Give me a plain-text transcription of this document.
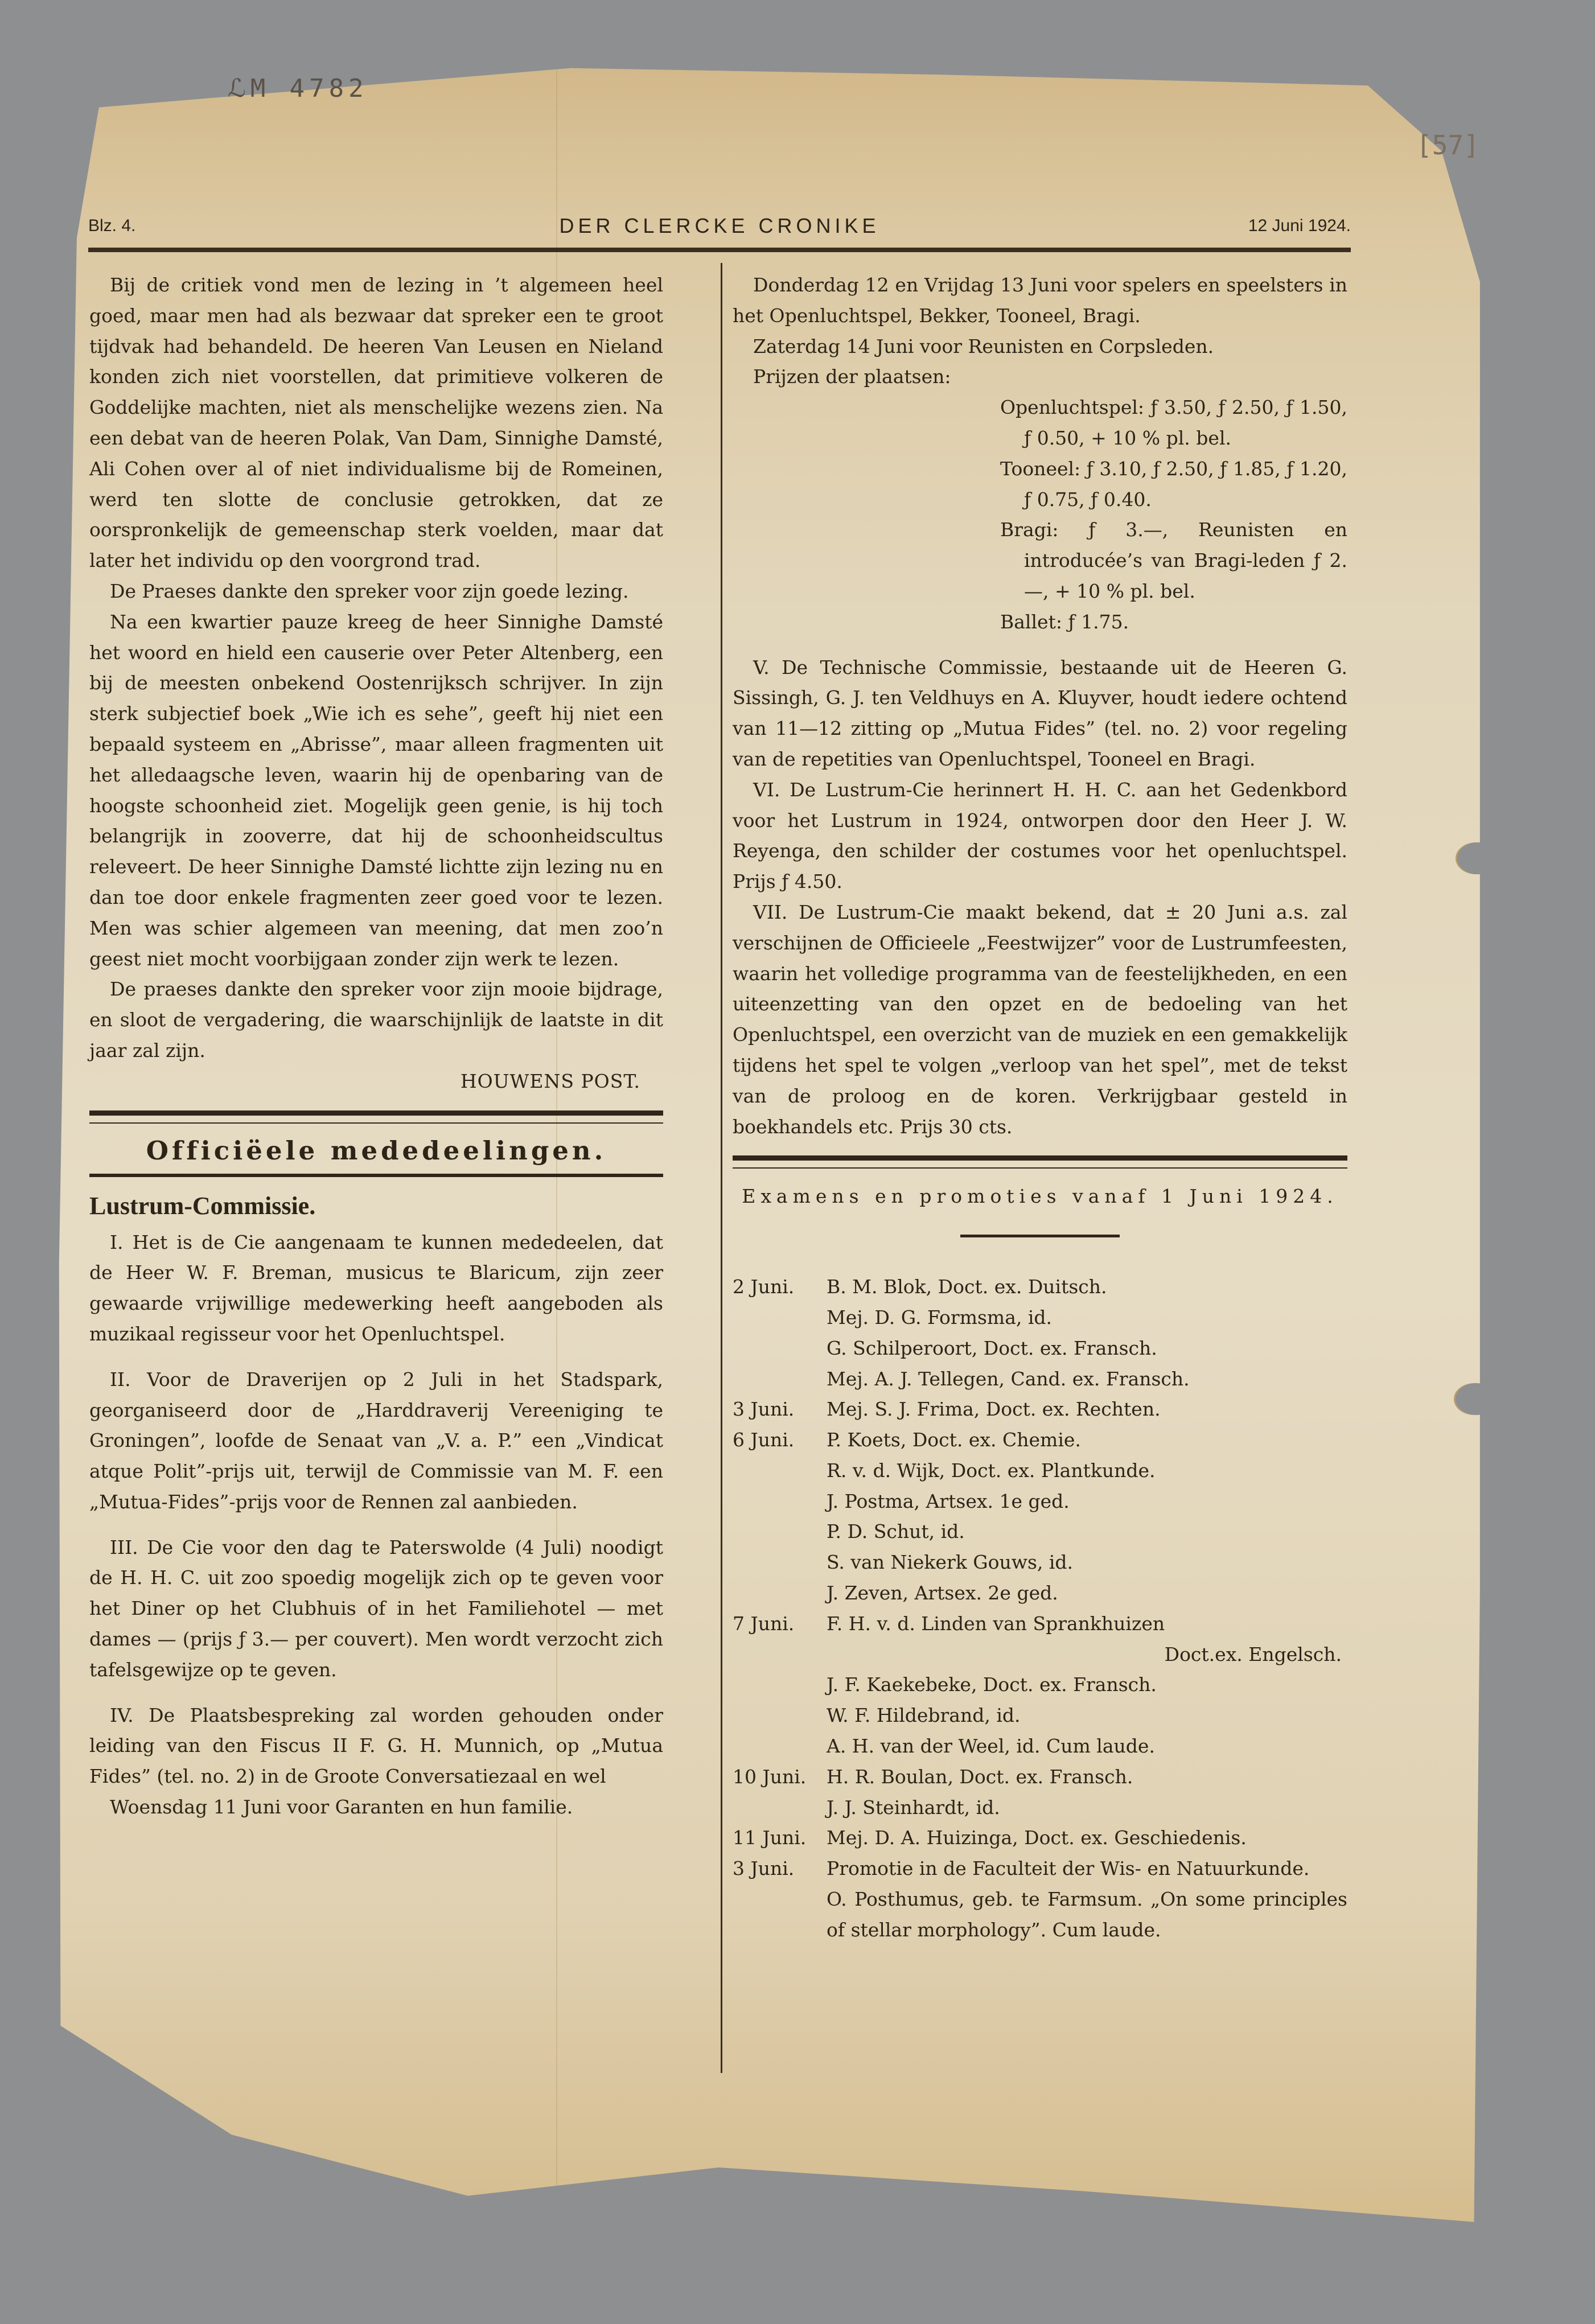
ℒM 4782
[57]
Blz. 4.	DER CLERCKE CRONIKE	12 Juni 1924.

Bij de critiek vond men de lezing in ’t algemeen heel goed, maar men had als bezwaar dat spreker een te groot tijdvak had behandeld. De heeren Van Leusen en Nieland konden zich niet voorstellen, dat primitieve volkeren de Goddelijke machten, niet als menschelijke wezens zien. Na een debat van de heeren Polak, Van Dam, Sinnighe Damsté, Ali Cohen over al of niet individualisme bij de Romeinen, werd ten slotte de conclusie getrokken, dat ze oorspronkelijk de gemeenschap sterk voelden, maar dat later het individu op den voorgrond trad.

De Praeses dankte den spreker voor zijn goede lezing.

Na een kwartier pauze kreeg de heer Sinnighe Damsté het woord en hield een causerie over Peter Altenberg, een bij de meesten onbekend Oostenrijksch schrijver. In zijn sterk subjectief boek „Wie ich es sehe”, geeft hij niet een bepaald systeem en „Abrisse”, maar alleen fragmenten uit het alledaagsche leven, waarin hij de openbaring van de hoogste schoonheid ziet. Mogelijk geen genie, is hij toch belangrijk in zooverre, dat hij de schoonheidscultus releveert. De heer Sinnighe Damsté lichtte zijn lezing nu en dan toe door enkele fragmenten zeer goed voor te lezen. Men was schier algemeen van meening, dat men zoo’n geest niet mocht voorbijgaan zonder zijn werk te lezen.

De praeses dankte den spreker voor zijn mooie bijdrage, en sloot de vergadering, die waarschijnlijk de laatste in dit jaar zal zijn.

HOUWENS POST.
Officiëele mededeelingen.
Lustrum-Commissie.

I. Het is de Cie aangenaam te kunnen mededeelen, dat de Heer W. F. Breman, musicus te Blaricum, zijn zeer gewaarde vrijwillige medewerking heeft aangeboden als muzikaal regisseur voor het Openluchtspel.

II. Voor de Draverijen op 2 Juli in het Stadspark, georganiseerd door de „Harddraverij Vereeniging te Groningen”, loofde de Senaat van „V. a. P.” een „Vindicat atque Polit”-prijs uit, terwijl de Commissie van M. F. een „Mutua-Fides”-prijs voor de Rennen zal aanbieden.

III. De Cie voor den dag te Paterswolde (4 Juli) noodigt de H. H. C. uit zoo spoedig mogelijk zich op te geven voor het Diner op het Clubhuis of in het Familiehotel — met dames — (prijs ƒ 3.— per couvert). Men wordt verzocht zich tafelsgewijze op te geven.

IV. De Plaatsbespreking zal worden gehouden onder leiding van den Fiscus II F. G. H. Munnich, op „Mutua Fides” (tel. no. 2) in de Groote Conversatiezaal en wel

Woensdag 11 Juni voor Garanten en hun familie.

Donderdag 12 en Vrijdag 13 Juni voor spelers en speelsters in het Openluchtspel, Bekker, Tooneel, Bragi.

Zaterdag 14 Juni voor Reunisten en Corpsleden.

Prijzen der plaatsen:

Openluchtspel: ƒ 3.50, ƒ 2.50, ƒ 1.50, ƒ 0.50, + 10 % pl. bel.
Tooneel: ƒ 3.10, ƒ 2.50, ƒ 1.85, ƒ 1.20, ƒ 0.75, ƒ 0.40.
Bragi: ƒ 3.—, Reunisten en introducée’s van Bragi-leden ƒ 2.—, + 10 % pl. bel.
Ballet: ƒ 1.75.

V. De Technische Commissie, bestaande uit de Heeren G. Sissingh, G. J. ten Veldhuys en A. Kluyver, houdt iedere ochtend van 11—12 zitting op „Mutua Fides” (tel. no. 2) voor regeling van de repetities van Openluchtspel, Tooneel en Bragi.

VI. De Lustrum-Cie herinnert H. H. C. aan het Gedenkbord voor het Lustrum in 1924, ontworpen door den Heer J. W. Reyenga, den schilder der costumes voor het openluchtspel. Prijs ƒ 4.50.

VII. De Lustrum-Cie maakt bekend, dat ± 20 Juni a.s. zal verschijnen de Officieele „Feestwijzer” voor de Lustrumfeesten, waarin het volledige programma van de feestelijkheden, en een uiteenzetting van den opzet en de bedoeling van het Openluchtspel, een overzicht van de muziek en een gemakkelijk tijdens het spel te volgen „verloop van het spel”, met de tekst van de proloog en de koren. Verkrijgbaar gesteld in boekhandels etc. Prijs 30 cts.

Examens en promoties vanaf 1 Juni 1924.
2 Juni.	B. M. Blok, Doct. ex. Duitsch.
Mej. D. G. Formsma, id.
G. Schilperoort, Doct. ex. Fransch.
Mej. A. J. Tellegen, Cand. ex. Fransch.
3 Juni.	Mej. S. J. Frima, Doct. ex. Rechten.
6 Juni.	P. Koets, Doct. ex. Chemie.
R. v. d. Wijk, Doct. ex. Plantkunde.
J. Postma, Artsex. 1e ged.
P. D. Schut, id.
S. van Niekerk Gouws, id.
J. Zeven, Artsex. 2e ged.
7 Juni.	F. H. v. d. Linden van Sprankhuizen
Doct.ex. Engelsch.
J. F. Kaekebeke, Doct. ex. Fransch.
W. F. Hildebrand, id.
A. H. van der Weel, id. Cum laude.
10 Juni.	H. R. Boulan, Doct. ex. Fransch.
J. J. Steinhardt, id.
11 Juni.	Mej. D. A. Huizinga, Doct. ex. Geschiedenis.
3 Juni.	Promotie in de Faculteit der Wis- en Natuurkunde.
O. Posthumus, geb. te Farmsum. „On some principles of stellar morphology”. Cum laude.
